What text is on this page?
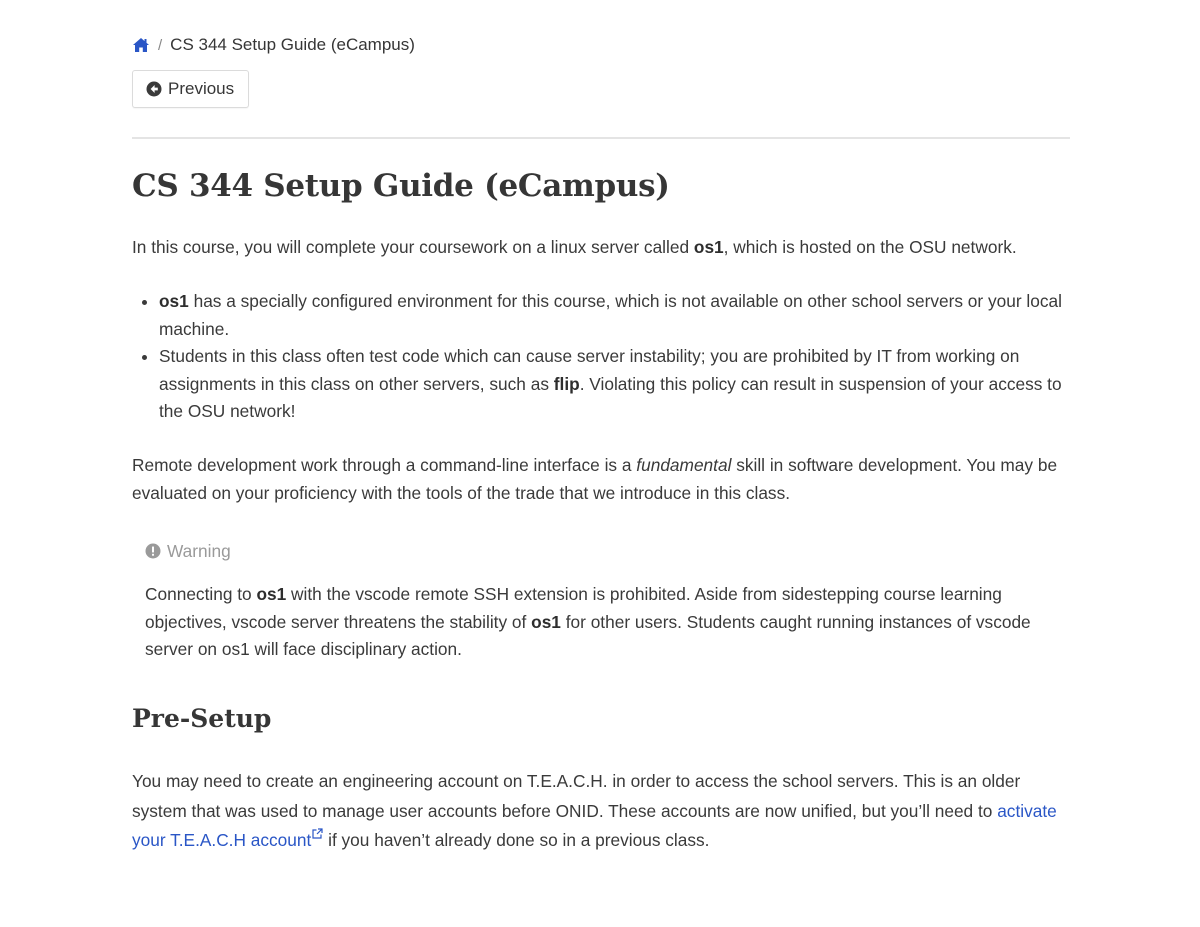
/ CS 344 Setup Guide (eCampus)
Previous
CS 344 Setup Guide (eCampus)

In this course, you will complete your coursework on a linux server called os1, which is hosted on the OSU network.

• os1 has a specially configured environment for this course, which is not available on other school servers or your local machine.
• Students in this class often test code which can cause server instability; you are prohibited by IT from working on assignments in this class on other servers, such as flip. Violating this policy can result in suspension of your access to the OSU network!

Remote development work through a command-line interface is a fundamental skill in software development. You may be evaluated on your proficiency with the tools of the trade that we introduce in this class.

Warning

Connecting to os1 with the vscode remote SSH extension is prohibited. Aside from sidestepping course learning objectives, vscode server threatens the stability of os1 for other users. Students caught running instances of vscode server on os1 will face disciplinary action.

Pre-Setup

You may need to create an engineering account on T.E.A.C.H. in order to access the school servers. This is an older system that was used to manage user accounts before ONID. These accounts are now unified, but you’ll need to activate your T.E.A.C.H account if you haven’t already done so in a previous class.
